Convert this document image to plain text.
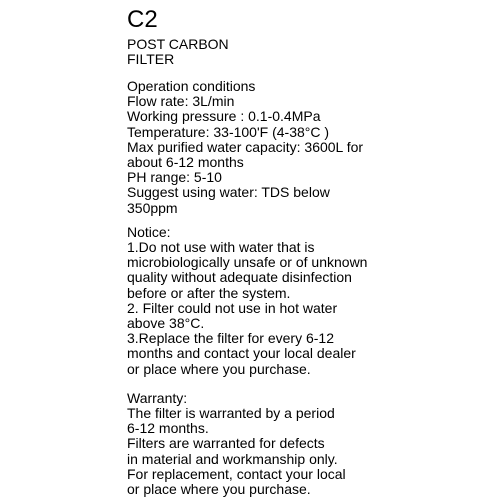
C2
POST CARBON
FILTER
Operation conditions
Flow rate: 3L/min
Working pressure : 0.1-0.4MPa
Temperature: 33-100'F (4-38°C )
Max purified water capacity: 3600L for
about 6-12 months
PH range: 5-10
Suggest using water: TDS below
350ppm
Notice:
1.Do not use with water that is
microbiologically unsafe or of unknown
quality without adequate disinfection
before or after the system.
2. Filter could not use in hot water
above 38°C.
3.Replace the filter for every 6-12
months and contact your local dealer
or place where you purchase.
Warranty:
The filter is warranted by a period
6-12 months.
Filters are warranted for defects
in material and workmanship only.
For replacement, contact your local
or place where you purchase.
